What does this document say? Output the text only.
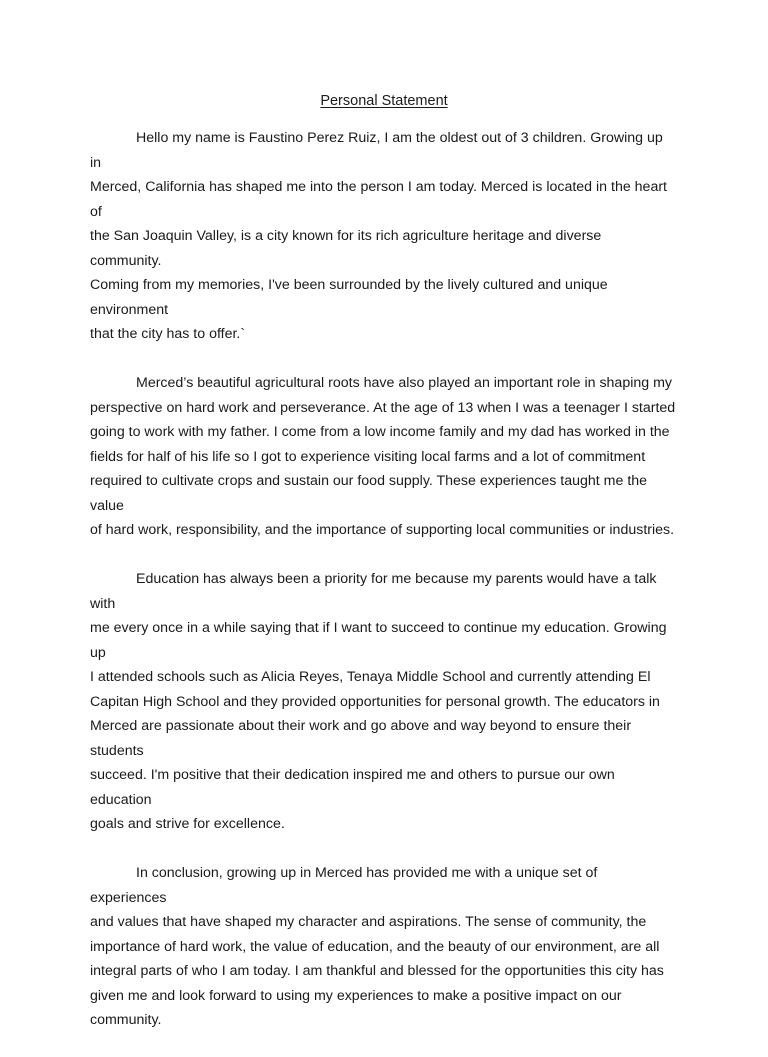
Personal Statement

Hello my name is Faustino Perez Ruiz, I am the oldest out of 3 children. Growing up in
Merced, California has shaped me into the person I am today. Merced is located in the heart of
the San Joaquin Valley, is a city known for its rich agriculture heritage and diverse community.
Coming from my memories, I've been surrounded by the lively cultured and unique environment
that the city has to offer.`

Merced’s beautiful agricultural roots have also played an important role in shaping my
perspective on hard work and perseverance. At the age of 13 when I was a teenager I started
going to work with my father. I come from a low income family and my dad has worked in the
fields for half of his life so I got to experience visiting local farms and a lot of commitment
required to cultivate crops and sustain our food supply. These experiences taught me the value
of hard work, responsibility, and the importance of supporting local communities or industries.

Education has always been a priority for me because my parents would have a talk with
me every once in a while saying that if I want to succeed to continue my education. Growing up
I attended schools such as Alicia Reyes, Tenaya Middle School and currently attending El
Capitan High School and they provided opportunities for personal growth. The educators in
Merced are passionate about their work and go above and way beyond to ensure their students
succeed. I'm positive that their dedication inspired me and others to pursue our own education
goals and strive for excellence.

In conclusion, growing up in Merced has provided me with a unique set of experiences
and values that have shaped my character and aspirations. The sense of community, the
importance of hard work, the value of education, and the beauty of our environment, are all
integral parts of who I am today. I am thankful and blessed for the opportunities this city has
given me and look forward to using my experiences to make a positive impact on our
community.
